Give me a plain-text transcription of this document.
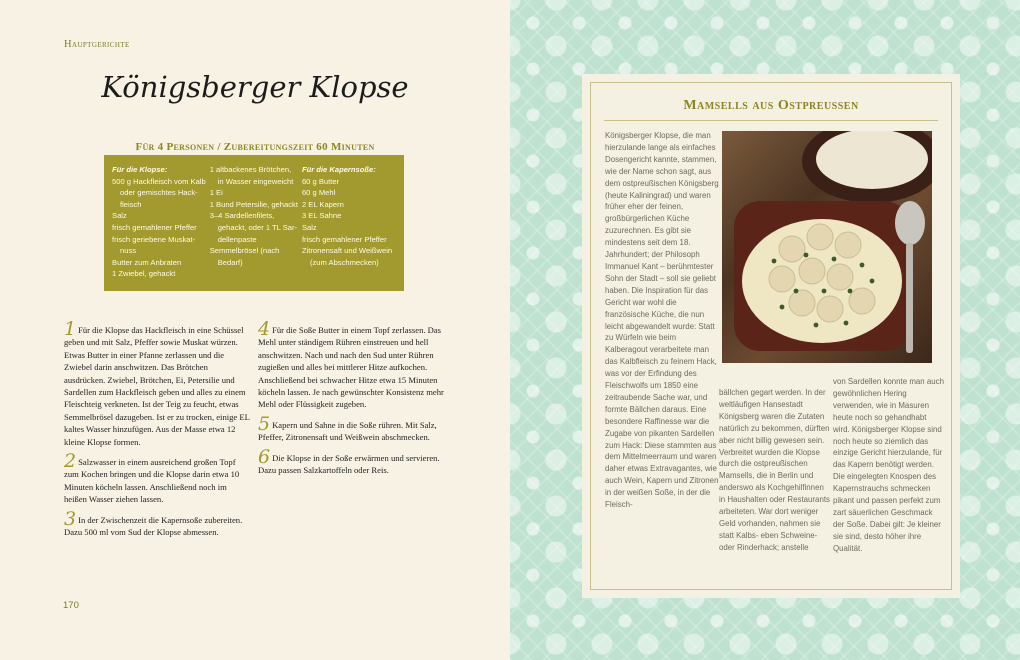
Hauptgerichte
Königsberger Klopse
Für 4 Personen / Zubereitungszeit 60 Minuten
Für die Klopse:
500 g Hackfleisch vom Kalb
oder gemischtes Hack-
fleisch
Salz
frisch gemahlener Pfeffer
frisch geriebene Muskat-
nuss
Butter zum Anbraten
1 Zwiebel, gehackt
1 altbackenes Brötchen,
in Wasser eingeweicht
1 Ei
1 Bund Petersilie, gehackt
3–4 Sardellenfilets,
gehackt, oder 1 TL Sar-
dellenpaste
Semmelbrösel (nach
Bedarf)
Für die Kapernsoße:
60 g Butter
60 g Mehl
2 EL Kapern
3 EL Sahne
Salz
frisch gemahlener Pfeffer
Zitronensaft und Weißwein
(zum Abschmecken)
1 Für die Klopse das Hackfleisch in eine Schüssel geben und mit Salz, Pfeffer sowie Muskat würzen. Etwas Butter in einer Pfanne zerlassen und die Zwiebel darin anschwitzen. Das Brötchen ausdrücken. Zwiebel, Brötchen, Ei, Petersilie und Sardellen zum Hackfleisch geben und alles zu einem Fleischteig verkneten. Ist der Teig zu feucht, etwas Semmelbrösel dazugeben. Ist er zu trocken, einige EL kaltes Wasser hinzufügen. Aus der Masse etwa 12 kleine Klopse formen.
2 Salzwasser in einem ausreichend großen Topf zum Kochen bringen und die Klopse darin etwa 10 Minuten köcheln lassen. Anschließend noch im heißen Wasser ziehen lassen.
3 In der Zwischenzeit die Kapernsoße zubereiten. Dazu 500 ml vom Sud der Klopse abmessen.
4 Für die Soße Butter in einem Topf zerlassen. Das Mehl unter ständigem Rühren einstreuen und hell anschwitzen. Nach und nach den Sud unter Rühren zugießen und alles bei mittlerer Hitze aufkochen. Anschließend bei schwacher Hitze etwa 15 Minuten köcheln lassen. Je nach gewünschter Konsistenz mehr Mehl oder Flüssigkeit zugeben.
5 Kapern und Sahne in die Soße rühren. Mit Salz, Pfeffer, Zitronensaft und Weißwein abschmecken.
6 Die Klopse in der Soße erwärmen und servieren. Dazu passen Salzkartoffeln oder Reis.
170
Mamsells aus Ostpreussen
Königsberger Klopse, die man hierzulande lange als einfaches Dosengericht kannte, stammen, wie der Name schon sagt, aus dem ostpreußischen Königsberg (heute Kaliningrad) und waren früher eher der feinen, großbürgerlichen Küche zuzurechnen. Es gibt sie mindestens seit dem 18. Jahrhundert; der Philosoph Immanuel Kant – berühmtester Sohn der Stadt – soll sie geliebt haben. Die Inspiration für das Gericht war wohl die französische Küche, die nun leicht abgewandelt wurde: Statt zu Würfeln wie beim Kalberagout verarbeitete man das Kalbfleisch zu feinem Hack, was vor der Erfindung des Fleischwolfs um 1850 eine zeitraubende Sache war, und formte Bällchen daraus. Eine besondere Raffinesse war die Zugabe von pikanten Sardellen zum Hack: Diese stammten aus dem Mittelmeerraum und waren daher etwas Extravagantes, wie auch Wein, Kapern und Zitronen in der weißen Soße, in der die Fleisch-
bällchen gegart werden. In der weltläufigen Hansestadt Königsberg waren die Zutaten natürlich zu bekommen, dürften aber nicht billig gewesen sein. Verbreitet wurden die Klopse durch die ostpreußischen Mamsells, die in Berlin und anderswo als Kochgehilfinnen in Haushalten oder Restaurants arbeiteten. War dort weniger Geld vorhanden, nahmen sie statt Kalbs- eben Schweine- oder Rinderhack; anstelle
von Sardellen konnte man auch gewöhnlichen Hering verwenden, wie in Masuren heute noch so gehandhabt wird. Königsberger Klopse sind noch heute so ziemlich das einzige Gericht hierzulande, für das Kapern benötigt werden. Die eingelegten Knospen des Kapernstrauchs schmecken pikant und passen perfekt zum zart säuerlichen Geschmack der Soße. Dabei gilt: Je kleiner sie sind, desto höher ihre Qualität.
